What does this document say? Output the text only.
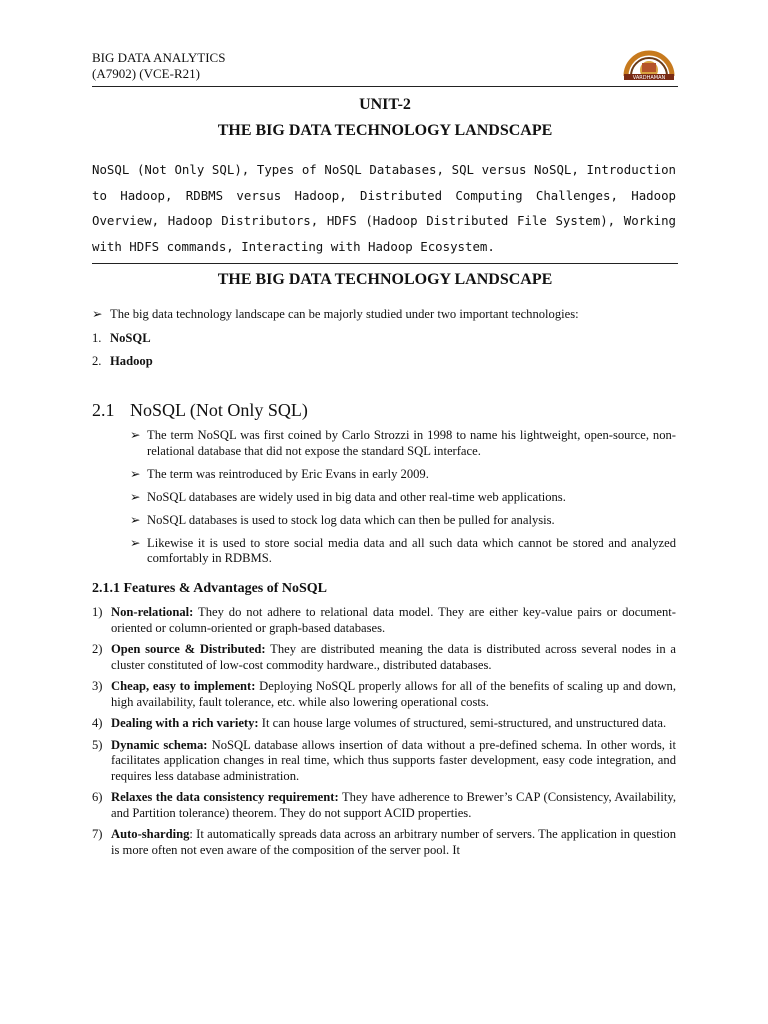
BIG DATA ANALYTICS
(A7902) (VCE-R21)	VARDHAMAN
UNIT-2
THE BIG DATA TECHNOLOGY LANDSCAPE
NoSQL (Not Only SQL), Types of NoSQL Databases, SQL versus NoSQL, Introduction to Hadoop, RDBMS versus Hadoop, Distributed Computing Challenges, Hadoop Overview, Hadoop Distributors, HDFS (Hadoop Distributed File System), Working with HDFS commands, Interacting with Hadoop Ecosystem.
THE BIG DATA TECHNOLOGY LANDSCAPE
➢ The big data technology landscape can be majorly studied under two important technologies:
1. NoSQL
2. Hadoop
2.1 NoSQL (Not Only SQL)
➢ The term NoSQL was first coined by Carlo Strozzi in 1998 to name his lightweight, open-source, non-relational database that did not expose the standard SQL interface.
➢ The term was reintroduced by Eric Evans in early 2009.
➢ NoSQL databases are widely used in big data and other real-time web applications.
➢ NoSQL databases is used to stock log data which can then be pulled for analysis.
➢ Likewise it is used to store social media data and all such data which cannot be stored and analyzed comfortably in RDBMS.
2.1.1 Features & Advantages of NoSQL
1) Non-relational: They do not adhere to relational data model. They are either key-value pairs or document-oriented or column-oriented or graph-based databases.
2) Open source & Distributed: They are distributed meaning the data is distributed across several nodes in a cluster constituted of low-cost commodity hardware., distributed databases.
3) Cheap, easy to implement: Deploying NoSQL properly allows for all of the benefits of scaling up and down, high availability, fault tolerance, etc. while also lowering operational costs.
4) Dealing with a rich variety: It can house large volumes of structured, semi-structured, and unstructured data.
5) Dynamic schema: NoSQL database allows insertion of data without a pre-defined schema. In other words, it facilitates application changes in real time, which thus supports faster development, easy code integration, and requires less database administration.
6) Relaxes the data consistency requirement: They have adherence to Brewer’s CAP (Consistency, Availability, and Partition tolerance) theorem. They do not support ACID properties.
7) Auto-sharding: It automatically spreads data across an arbitrary number of servers. The application in question is more often not even aware of the composition of the server pool. It
